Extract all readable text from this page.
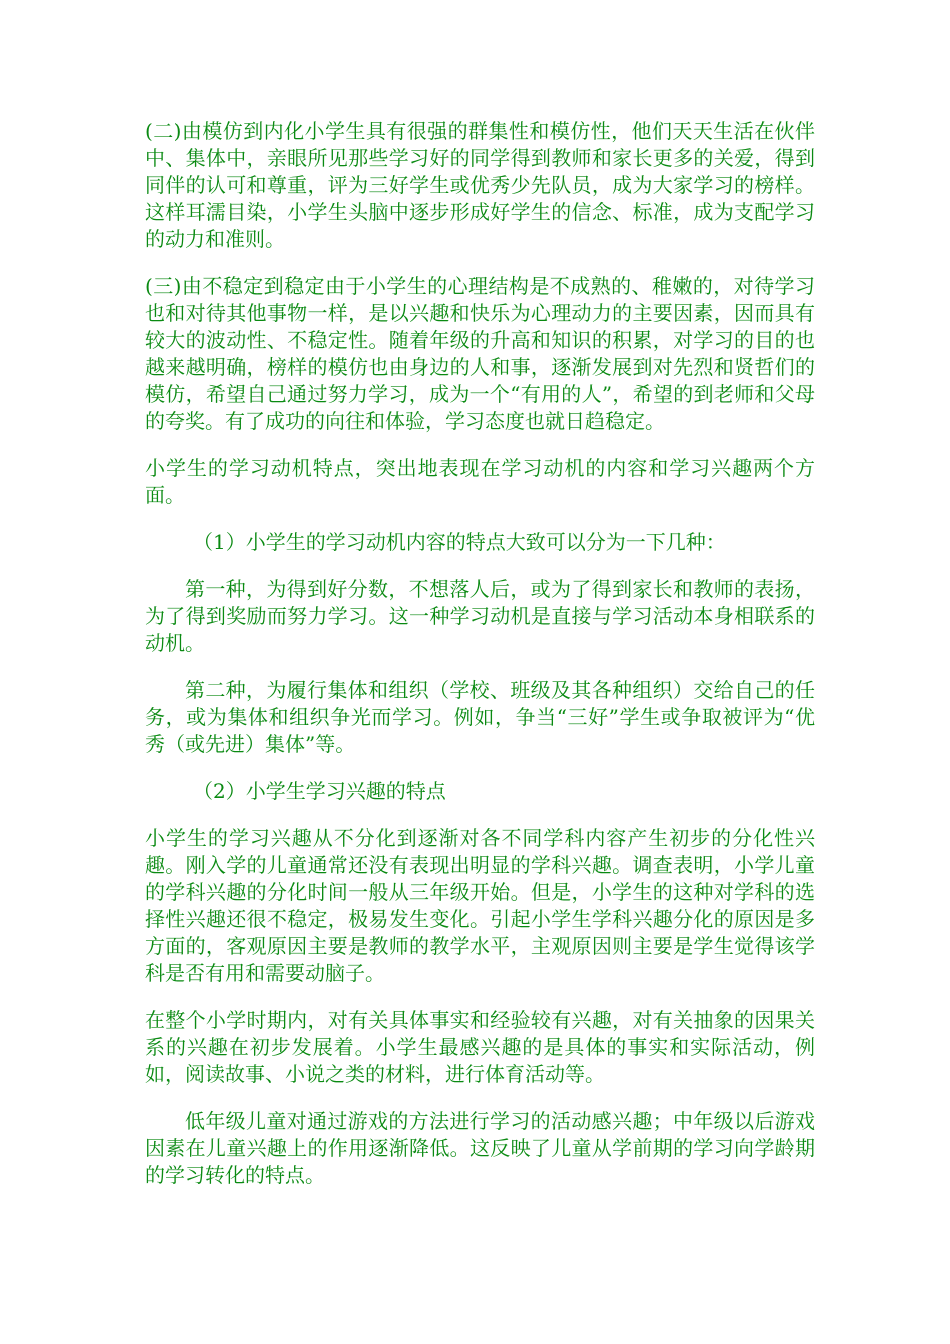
(二)由模仿到内化小学生具有很强的群集性和模仿性，他们天天生活在伙伴中、集体中，亲眼所见那些学习好的同学得到教师和家长更多的关爱，得到同伴的认可和尊重，评为三好学生或优秀少先队员，成为大家学习的榜样。这样耳濡目染，小学生头脑中逐步形成好学生的信念、标准，成为支配学习的动力和准则。

(三)由不稳定到稳定由于小学生的心理结构是不成熟的、稚嫩的，对待学习也和对待其他事物一样，是以兴趣和快乐为心理动力的主要因素，因而具有较大的波动性、不稳定性。随着年级的升高和知识的积累，对学习的目的也越来越明确，榜样的模仿也由身边的人和事，逐渐发展到对先烈和贤哲们的模仿，希望自己通过努力学习，成为一个“有用的人”，希望的到老师和父母的夸奖。有了成功的向往和体验，学习态度也就日趋稳定。

小学生的学习动机特点，突出地表现在学习动机的内容和学习兴趣两个方面。

（1）小学生的学习动机内容的特点大致可以分为一下几种：

第一种，为得到好分数，不想落人后，或为了得到家长和教师的表扬，为了得到奖励而努力学习。这一种学习动机是直接与学习活动本身相联系的动机。

第二种，为履行集体和组织（学校、班级及其各种组织）交给自己的任务，或为集体和组织争光而学习。例如，争当“三好”学生或争取被评为“优秀（或先进）集体”等。

（2）小学生学习兴趣的特点

小学生的学习兴趣从不分化到逐渐对各不同学科内容产生初步的分化性兴趣。刚入学的儿童通常还没有表现出明显的学科兴趣。调查表明，小学儿童的学科兴趣的分化时间一般从三年级开始。但是，小学生的这种对学科的选择性兴趣还很不稳定，极易发生变化。引起小学生学科兴趣分化的原因是多方面的，客观原因主要是教师的教学水平，主观原因则主要是学生觉得该学科是否有用和需要动脑子。

在整个小学时期内，对有关具体事实和经验较有兴趣，对有关抽象的因果关系的兴趣在初步发展着。小学生最感兴趣的是具体的事实和实际活动，例如，阅读故事、小说之类的材料，进行体育活动等。

低年级儿童对通过游戏的方法进行学习的活动感兴趣；中年级以后游戏因素在儿童兴趣上的作用逐渐降低。这反映了儿童从学前期的学习向学龄期的学习转化的特点。
